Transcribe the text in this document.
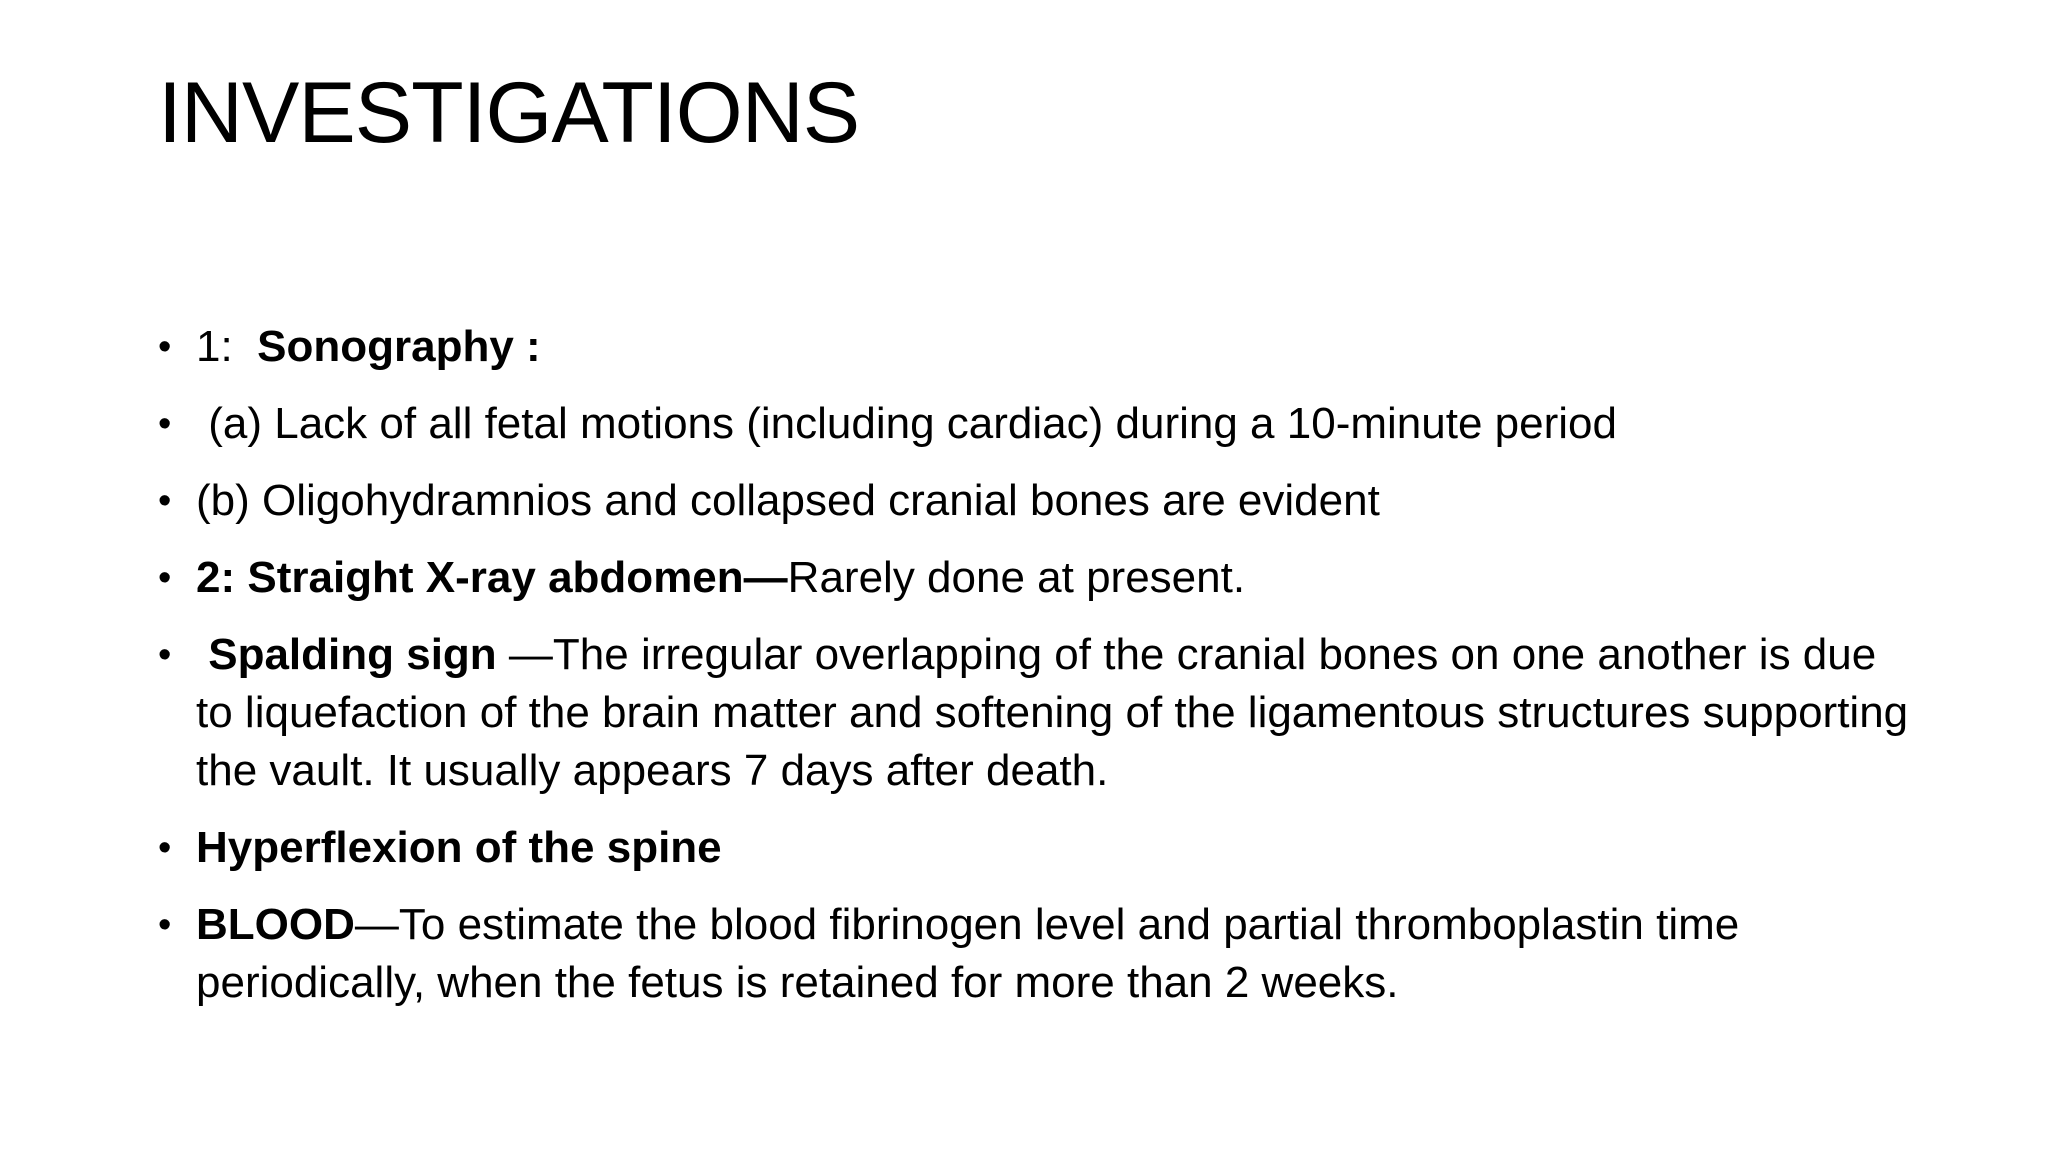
INVESTIGATIONS
• 1:  Sonography :
• (a) Lack of all fetal motions (including cardiac) during a 10-minute period
• (b) Oligohydramnios and collapsed cranial bones are evident
• 2: Straight X-ray abdomen—Rarely done at present.
• Spalding sign —The irregular overlapping of the cranial bones on one another is due to liquefaction of the brain matter and softening of the ligamentous structures supporting the vault. It usually appears 7 days after death.
• Hyperflexion of the spine
• BLOOD—To estimate the blood fibrinogen level and partial thromboplastin time periodically, when the fetus is retained for more than 2 weeks.
